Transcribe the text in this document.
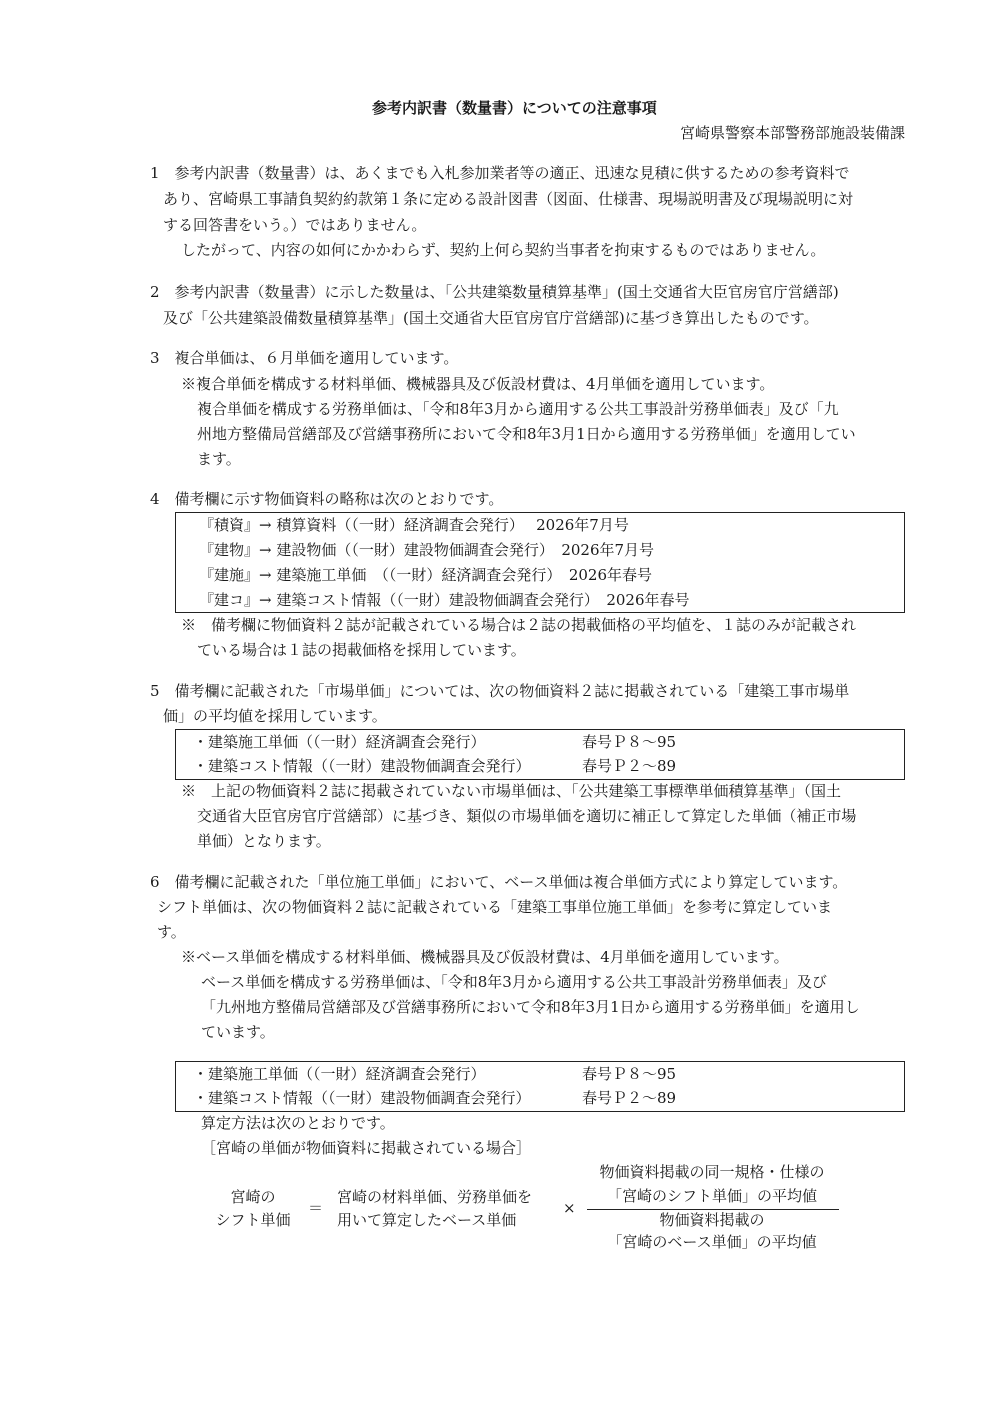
参考内訳書（数量書）についての注意事項
宮崎県警察本部警務部施設装備課
1　参考内訳書（数量書）は、あくまでも入札参加業者等の適正、迅速な見積に供するための参考資料で
あり、宮崎県工事請負契約約款第１条に定める設計図書（図面、仕様書、現場説明書及び現場説明に対
する回答書をいう。）ではありません。
したがって、内容の如何にかかわらず、契約上何ら契約当事者を拘束するものではありません。
2　参考内訳書（数量書）に示した数量は、「公共建築数量積算基準」(国土交通省大臣官房官庁営繕部)
及び「公共建築設備数量積算基準」(国土交通省大臣官房官庁営繕部)に基づき算出したものです。
3　複合単価は、６月単価を適用しています。
※複合単価を構成する材料単価、機械器具及び仮設材費は、4月単価を適用しています。
複合単価を構成する労務単価は、「令和8年3月から適用する公共工事設計労務単価表」及び「九
州地方整備局営繕部及び営繕事務所において令和8年3月1日から適用する労務単価」を適用してい
ます。
4　備考欄に示す物価資料の略称は次のとおりです。
『積資』→ 積算資料（（一財）経済調査会発行）　 2026年7月号
『建物』→ 建設物価（（一財）建設物価調査会発行）　2026年7月号
『建施』→ 建築施工単価　（（一財）経済調査会発行）　2026年春号
『建コ』→ 建築コスト情報（（一財）建設物価調査会発行）　2026年春号
※　備考欄に物価資料２誌が記載されている場合は２誌の掲載価格の平均値を、１誌のみが記載され
ている場合は１誌の掲載価格を採用しています。
5　備考欄に記載された「市場単価」については、次の物価資料２誌に掲載されている「建築工事市場単
価」の平均値を採用しています。
・建築施工単価（（一財）経済調査会発行）	春号Ｐ８～95
・建築コスト情報（（一財）建設物価調査会発行）	春号Ｐ２～89
※　上記の物価資料２誌に掲載されていない市場単価は、「公共建築工事標準単価積算基準」（国土
交通省大臣官房官庁営繕部）に基づき、類似の市場単価を適切に補正して算定した単価（補正市場
単価）となります。
6　備考欄に記載された「単位施工単価」において、ベース単価は複合単価方式により算定しています。
シフト単価は、次の物価資料２誌に記載されている「建築工事単位施工単価」を参考に算定していま
す。
※ベース単価を構成する材料単価、機械器具及び仮設材費は、4月単価を適用しています。
ベース単価を構成する労務単価は、「令和8年3月から適用する公共工事設計労務単価表」及び
「九州地方整備局営繕部及び営繕事務所において令和8年3月1日から適用する労務単価」を適用し
ています。
・建築施工単価（（一財）経済調査会発行）	春号Ｐ８～95
・建築コスト情報（（一財）建設物価調査会発行）	春号Ｐ２～89
算定方法は次のとおりです。
［宮崎の単価が物価資料に掲載されている場合］
宮崎の
シフト単価
＝
宮崎の材料単価、労務単価を
用いて算定したベース単価
×
物価資料掲載の同一規格・仕様の
「宮崎のシフト単価」の平均値
物価資料掲載の
「宮崎のベース単価」の平均値
